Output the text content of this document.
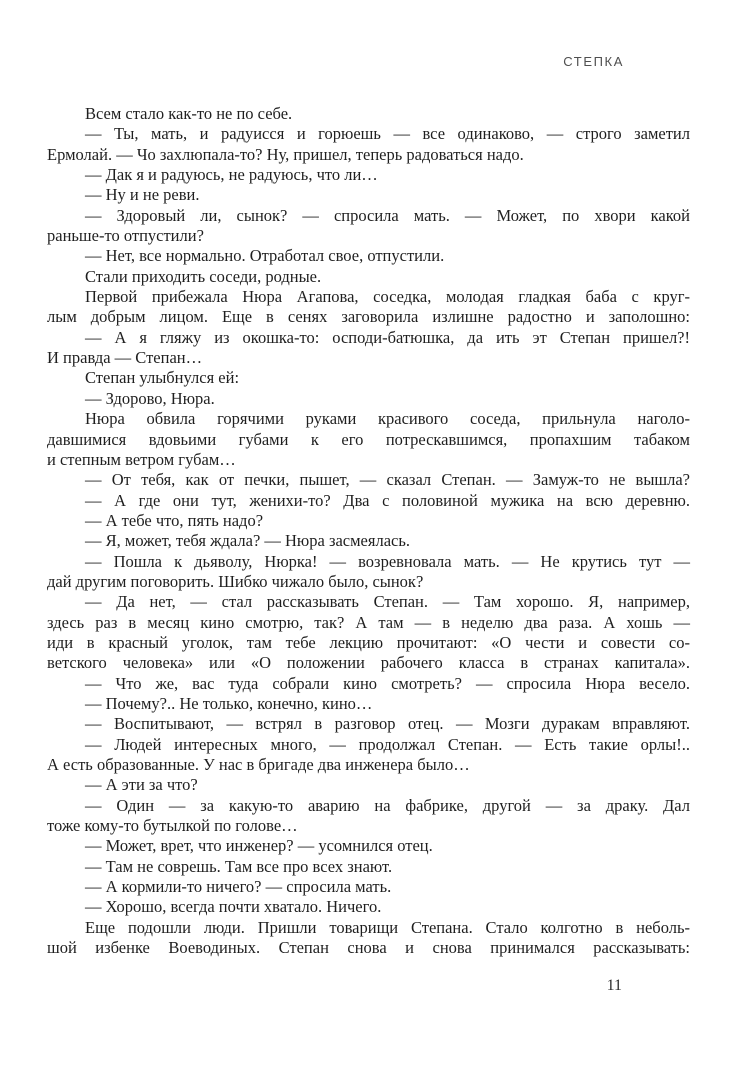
СТЕПКА
Всем стало как-то не по себе.
— Ты, мать, и радуисся и горюешь — все одинаково, — строго заметил
Ермолай. — Чо захлюпала-то? Ну, пришел, теперь радоваться надо.
— Дак я и радуюсь, не радуюсь, что ли…
— Ну и не реви.
— Здоровый ли, сынок? — спросила мать. — Может, по хвори какой
раньше-то отпустили?
— Нет, все нормально. Отработал свое, отпустили.
Стали приходить соседи, родные.
Первой прибежала Нюра Агапова, соседка, молодая гладкая баба с круг-
лым добрым лицом. Еще в сенях заговорила излишне радостно и заполошно:
— А я гляжу из окошка-то: осподи-батюшка, да ить эт Степан пришел?!
И правда — Степан…
Степан улыбнулся ей:
— Здорово, Нюра.
Нюра обвила горячими руками красивого соседа, прильнула наголо-
давшимися вдовьими губами к его потрескавшимся, пропахшим табаком
и степным ветром губам…
— От тебя, как от печки, пышет, — сказал Степан. — Замуж-то не вышла?
— А где они тут, женихи-то? Два с половиной мужика на всю деревню.
— А тебе что, пять надо?
— Я, может, тебя ждала? — Нюра засмеялась.
— Пошла к дьяволу, Нюрка! — возревновала мать. — Не крутись тут —
дай другим поговорить. Шибко чижало было, сынок?
— Да нет, — стал рассказывать Степан. — Там хорошо. Я, например,
здесь раз в месяц кино смотрю, так? А там — в неделю два раза. А хошь —
иди в красный уголок, там тебе лекцию прочитают: «О чести и совести со-
ветского человека» или «О положении рабочего класса в странах капитала».
— Что же, вас туда собрали кино смотреть? — спросила Нюра весело.
— Почему?.. Не только, конечно, кино…
— Воспитывают, — встрял в разговор отец. — Мозги дуракам вправляют.
— Людей интересных много, — продолжал Степан. — Есть такие орлы!..
А есть образованные. У нас в бригаде два инженера было…
— А эти за что?
— Один — за какую-то аварию на фабрике, другой — за драку. Дал
тоже кому-то бутылкой по голове…
— Может, врет, что инженер? — усомнился отец.
— Там не соврешь. Там все про всех знают.
— А кормили-то ничего? — спросила мать.
— Хорошо, всегда почти хватало. Ничего.
Еще подошли люди. Пришли товарищи Степана. Стало колготно в неболь-
шой избенке Воеводиных. Степан снова и снова принимался рассказывать:
11
